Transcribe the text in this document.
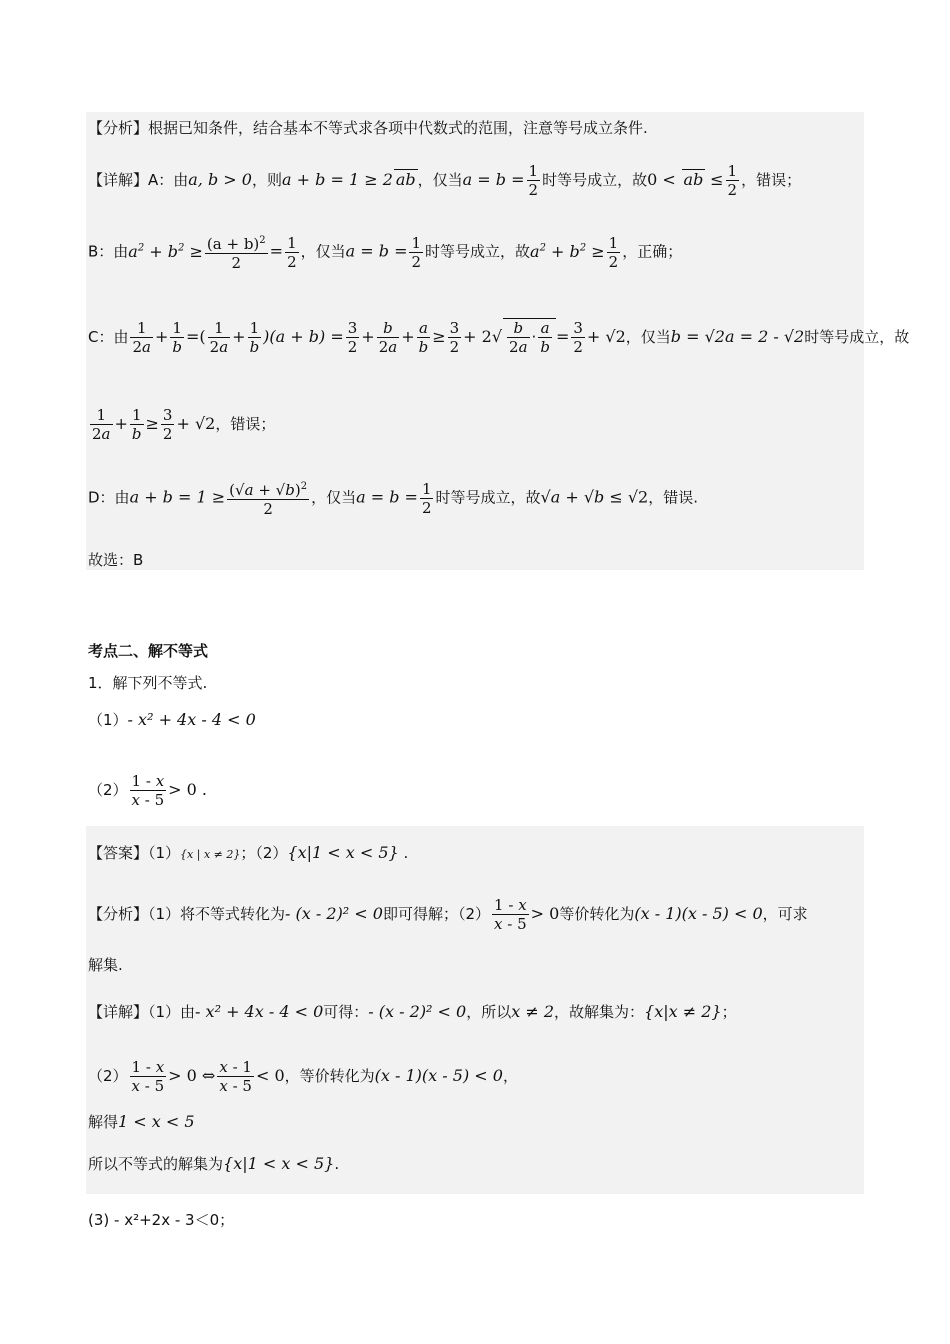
【分析】根据已知条件，结合基本不等式求各项中代数式的范围，注意等号成立条件.
【详解】A：由a, b > 0，则a + b = 1 ≥ 2 ab ，仅当$a = b = \frac{1}{2}$ 时等号成立，故0 < ab ≤ $\frac{1}{2}$ ，错误；
B：由$a^2 + b^2 \ge \frac{(a + b)^2}{2} = \frac{1}{2}$ ，仅当$a = b = \frac{1}{2}$ 时等号成立，故$a^2 + b^2 \ge \frac{1}{2}$ ，正确；
C：由 $\frac{1}{2a} + \frac{1}{b}$ =( $\frac{1}{2a} + \frac{1}{b} )(a + b) = \frac{3}{2} + \frac{b}{2a} + \frac{a}{b} \ge \frac{3}{2} + 2√ \frac{b}{2a} \cdot \frac{a}{b} = \frac{3}{2} + √2$，仅当b = √2a = 2 - √2时等号成立，故
$\frac{1}{2a} + \frac{1}{b} \ge \frac{3}{2} + √2$，错误；
D：由$a + b = 1 \ge \frac{(√a + √b)^2}{2}$ ，仅当$a = b = \frac{1}{2}$ 时等号成立，故√a + √b ≤ √2，错误.
故选：B
考点二、解不等式
1．解下列不等式.
（1）- x² + 4x - 4 < 0
$(2) \frac{1 - x}{x - 5} > 0$ .
【答案】（1）{x | x ≠ 2}；（2）{x|1 < x < 5} .
【分析】（1）将不等式转化为- (x - 2)² < 0即可得解；$(2) \frac{1 - x}{x - 5} > 0$等价转化为(x - 1)(x - 5) < 0，可求
解集.
【详解】（1）由- x² + 4x - 4 < 0可得：- (x - 2)² < 0，所以x ≠ 2，故解集为：{x|x ≠ 2}；
$(2) \frac{1 - x}{x - 5} > 0$ ⇔ $\frac{x - 1}{x - 5} < 0$，等价转化为(x - 1)(x - 5) < 0，
解得1 < x < 5
所以不等式的解集为{x|1 < x < 5}.
(3) - x²+2x - 3＜0；
